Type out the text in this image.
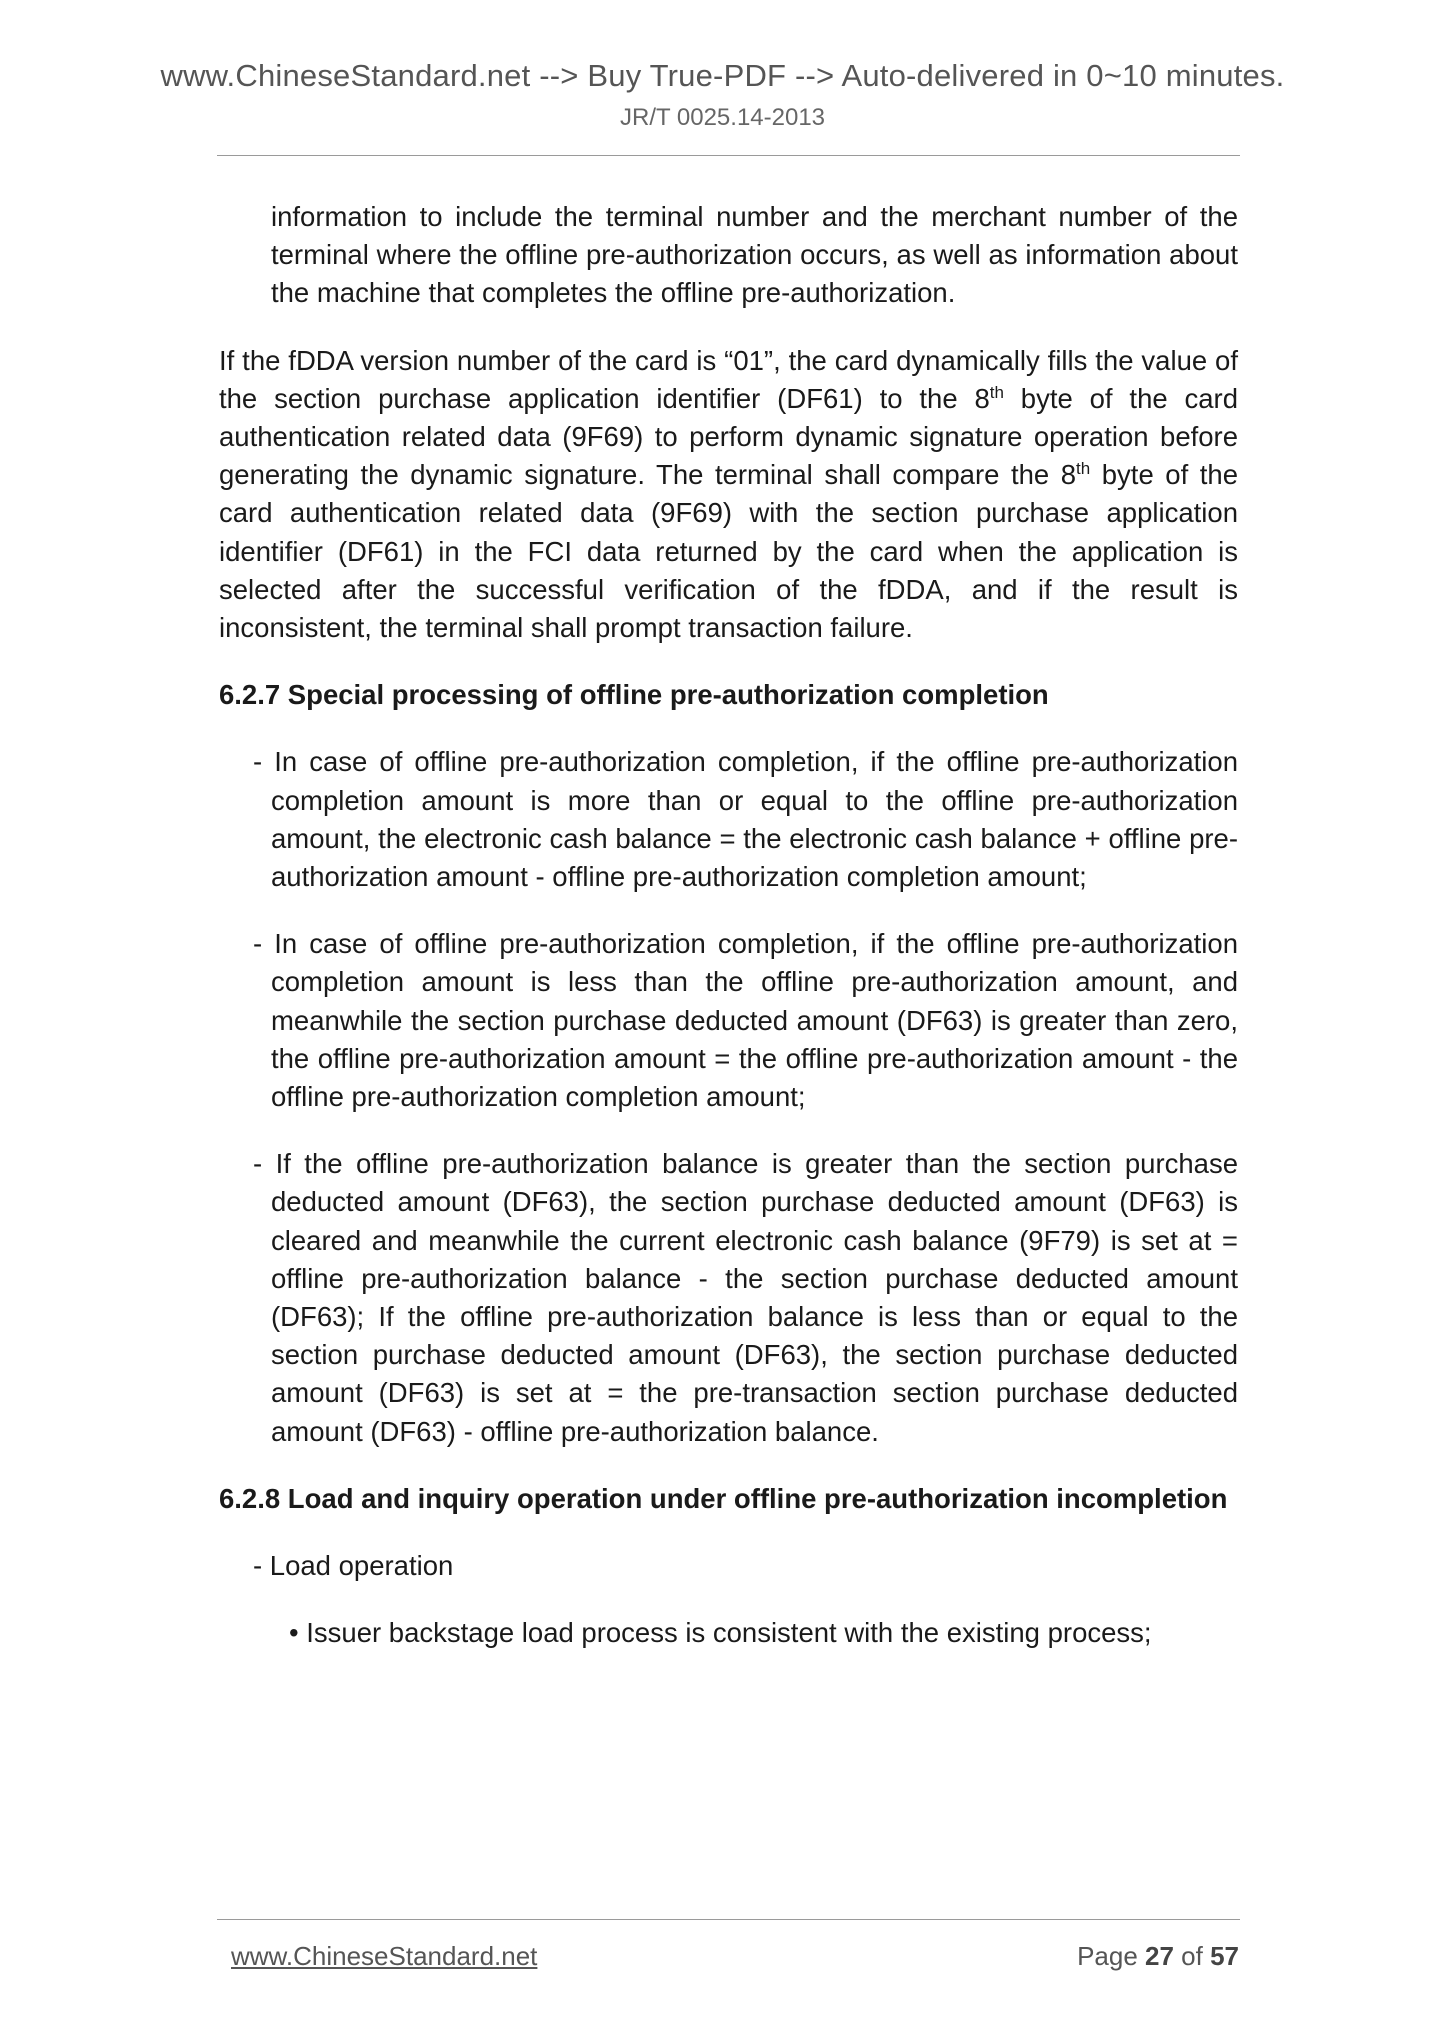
www.ChineseStandard.net --> Buy True-PDF --> Auto-delivered in 0~10 minutes.
JR/T 0025.14-2013

information to include the terminal number and the merchant number of the terminal where the offline pre-authorization occurs, as well as information about the machine that completes the offline pre-authorization.

If the fDDA version number of the card is “01”, the card dynamically fills the value of the section purchase application identifier (DF61) to the 8th byte of the card authentication related data (9F69) to perform dynamic signature operation before generating the dynamic signature. The terminal shall compare the 8th byte of the card authentication related data (9F69) with the section purchase application identifier (DF61) in the FCI data returned by the card when the application is selected after the successful verification of the fDDA, and if the result is inconsistent, the terminal shall prompt transaction failure.

6.2.7 Special processing of offline pre-authorization completion

- In case of offline pre-authorization completion, if the offline pre-authorization completion amount is more than or equal to the offline pre-authorization amount, the electronic cash balance = the electronic cash balance + offline pre-authorization amount - offline pre-authorization completion amount;

- In case of offline pre-authorization completion, if the offline pre-authorization completion amount is less than the offline pre-authorization amount, and meanwhile the section purchase deducted amount (DF63) is greater than zero, the offline pre-authorization amount = the offline pre-authorization amount - the offline pre-authorization completion amount;

- If the offline pre-authorization balance is greater than the section purchase deducted amount (DF63), the section purchase deducted amount (DF63) is cleared and meanwhile the current electronic cash balance (9F79) is set at = offline pre-authorization balance - the section purchase deducted amount (DF63); If the offline pre-authorization balance is less than or equal to the section purchase deducted amount (DF63), the section purchase deducted amount (DF63) is set at = the pre-transaction section purchase deducted amount (DF63) - offline pre-authorization balance.

6.2.8 Load and inquiry operation under offline pre-authorization incompletion

- Load operation

• Issuer backstage load process is consistent with the existing process;

www.ChineseStandard.net	Page 27 of 57
